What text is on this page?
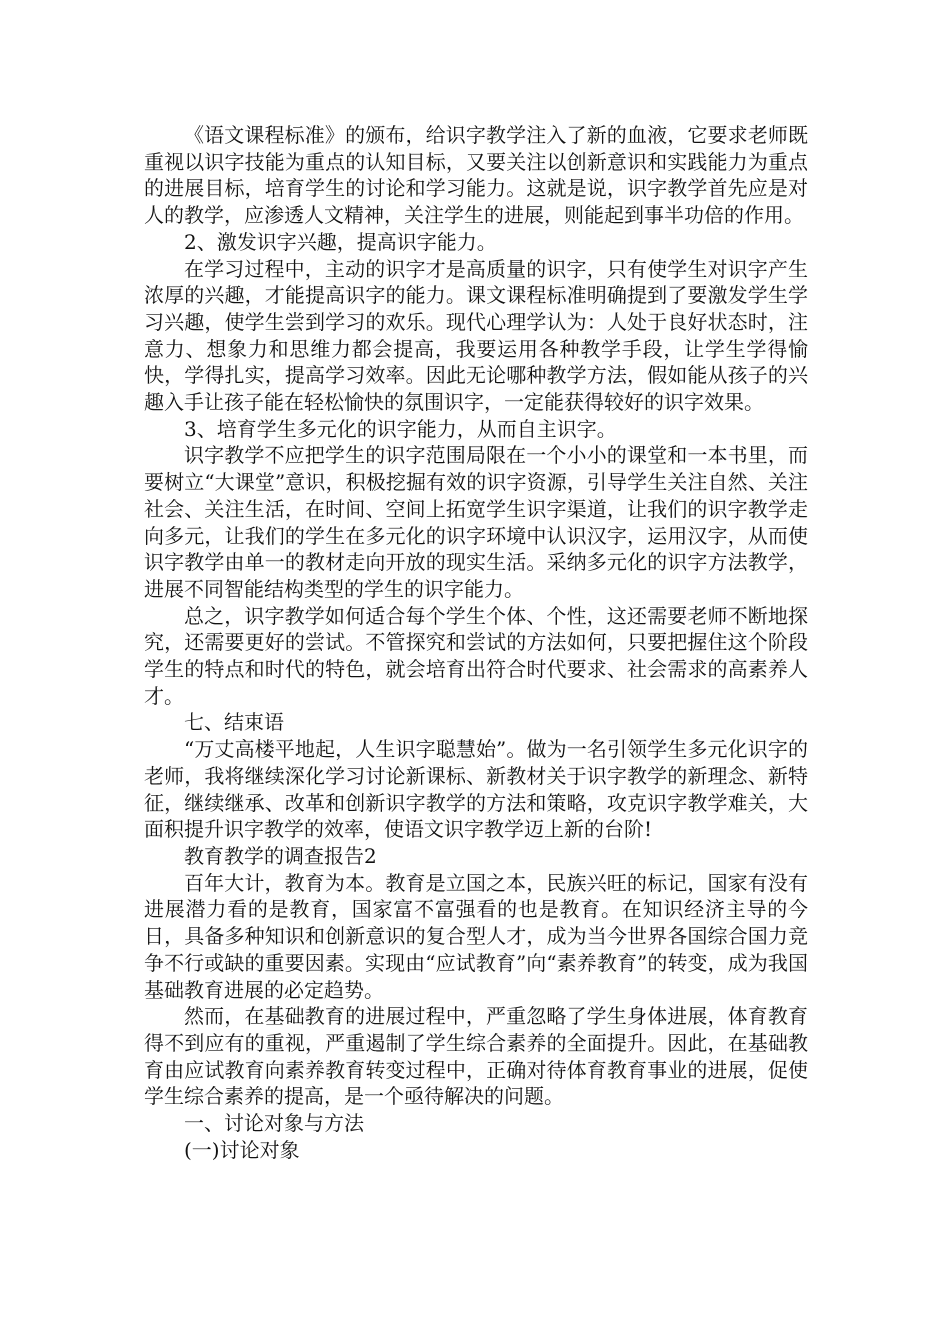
《语文课程标准》的颁布，给识字教学注入了新的血液，它要求老师既重视以识字技能为重点的认知目标，又要关注以创新意识和实践能力为重点的进展目标，培育学生的讨论和学习能力。这就是说，识字教学首先应是对人的教学，应渗透人文精神，关注学生的进展，则能起到事半功倍的作用。

2、激发识字兴趣，提高识字能力。

在学习过程中，主动的识字才是高质量的识字，只有使学生对识字产生浓厚的兴趣，才能提高识字的能力。课文课程标准明确提到了要激发学生学习兴趣，使学生尝到学习的欢乐。现代心理学认为：人处于良好状态时，注意力、想象力和思维力都会提高，我要运用各种教学手段，让学生学得愉快，学得扎实，提高学习效率。因此无论哪种教学方法，假如能从孩子的兴趣入手让孩子能在轻松愉快的氛围识字，一定能获得较好的识字效果。

3、培育学生多元化的识字能力，从而自主识字。

识字教学不应把学生的识字范围局限在一个小小的课堂和一本书里，而要树立“大课堂”意识，积极挖掘有效的识字资源，引导学生关注自然、关注社会、关注生活，在时间、空间上拓宽学生识字渠道，让我们的识字教学走向多元，让我们的学生在多元化的识字环境中认识汉字，运用汉字，从而使识字教学由单一的教材走向开放的现实生活。采纳多元化的识字方法教学，进展不同智能结构类型的学生的识字能力。

总之，识字教学如何适合每个学生个体、个性，这还需要老师不断地探究，还需要更好的尝试。不管探究和尝试的方法如何，只要把握住这个阶段学生的特点和时代的特色，就会培育出符合时代要求、社会需求的高素养人才。

七、结束语

“万丈高楼平地起，人生识字聪慧始”。做为一名引领学生多元化识字的老师，我将继续深化学习讨论新课标、新教材关于识字教学的新理念、新特征，继续继承、改革和创新识字教学的方法和策略，攻克识字教学难关，大面积提升识字教学的效率，使语文识字教学迈上新的台阶!

教育教学的调查报告2

百年大计，教育为本。教育是立国之本，民族兴旺的标记，国家有没有进展潜力看的是教育，国家富不富强看的也是教育。在知识经济主导的今日，具备多种知识和创新意识的复合型人才，成为当今世界各国综合国力竞争不行或缺的重要因素。实现由“应试教育”向“素养教育”的转变，成为我国基础教育进展的必定趋势。

然而，在基础教育的进展过程中，严重忽略了学生身体进展，体育教育得不到应有的重视，严重遏制了学生综合素养的全面提升。因此，在基础教育由应试教育向素养教育转变过程中，正确对待体育教育事业的进展，促使学生综合素养的提高，是一个亟待解决的问题。

一、讨论对象与方法

(一)讨论对象
